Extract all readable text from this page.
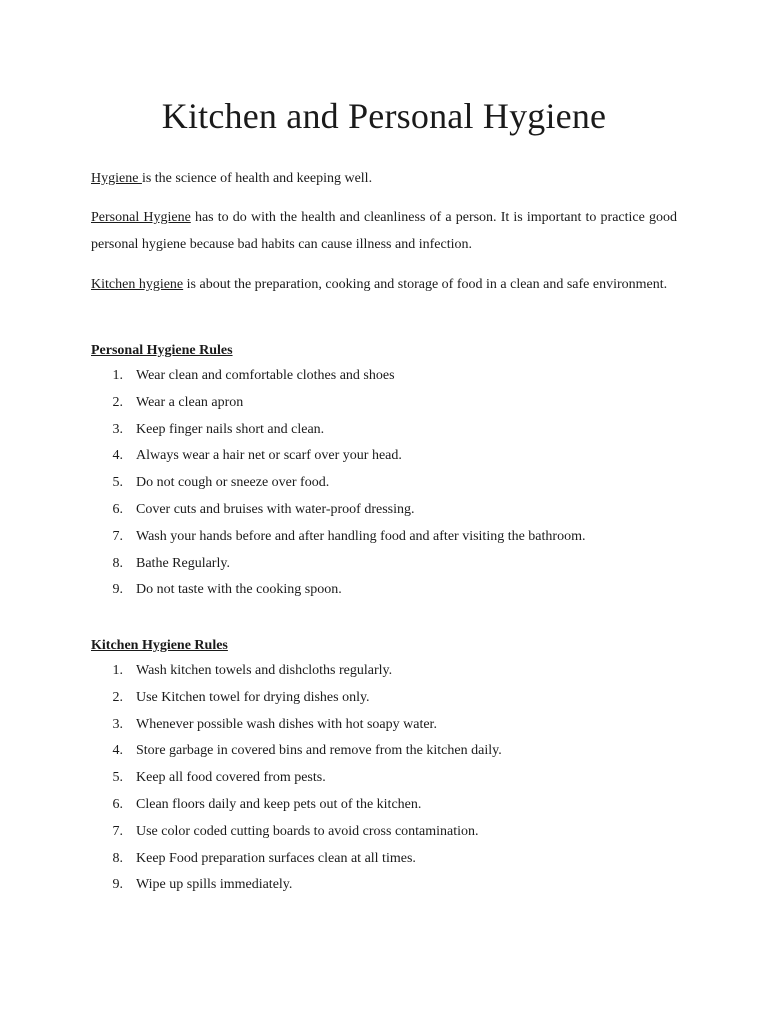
Kitchen and Personal Hygiene

Hygiene is the science of health and keeping well.

Personal Hygiene has to do with the health and cleanliness of a person. It is important to practice good personal hygiene because bad habits can cause illness and infection.

Kitchen hygiene is about the preparation, cooking and storage of food in a clean and safe environment.

Personal Hygiene Rules
1. Wear clean and comfortable clothes and shoes
2. Wear a clean apron
3. Keep finger nails short and clean.
4. Always wear a hair net or scarf over your head.
5. Do not cough or sneeze over food.
6. Cover cuts and bruises with water-proof dressing.
7. Wash your hands before and after handling food and after visiting the bathroom.
8. Bathe Regularly.
9. Do not taste with the cooking spoon.
Kitchen Hygiene Rules
1. Wash kitchen towels and dishcloths regularly.
2. Use Kitchen towel for drying dishes only.
3. Whenever possible wash dishes with hot soapy water.
4. Store garbage in covered bins and remove from the kitchen daily.
5. Keep all food covered from pests.
6. Clean floors daily and keep pets out of the kitchen.
7. Use color coded cutting boards to avoid cross contamination.
8. Keep Food preparation surfaces clean at all times.
9. Wipe up spills immediately.
